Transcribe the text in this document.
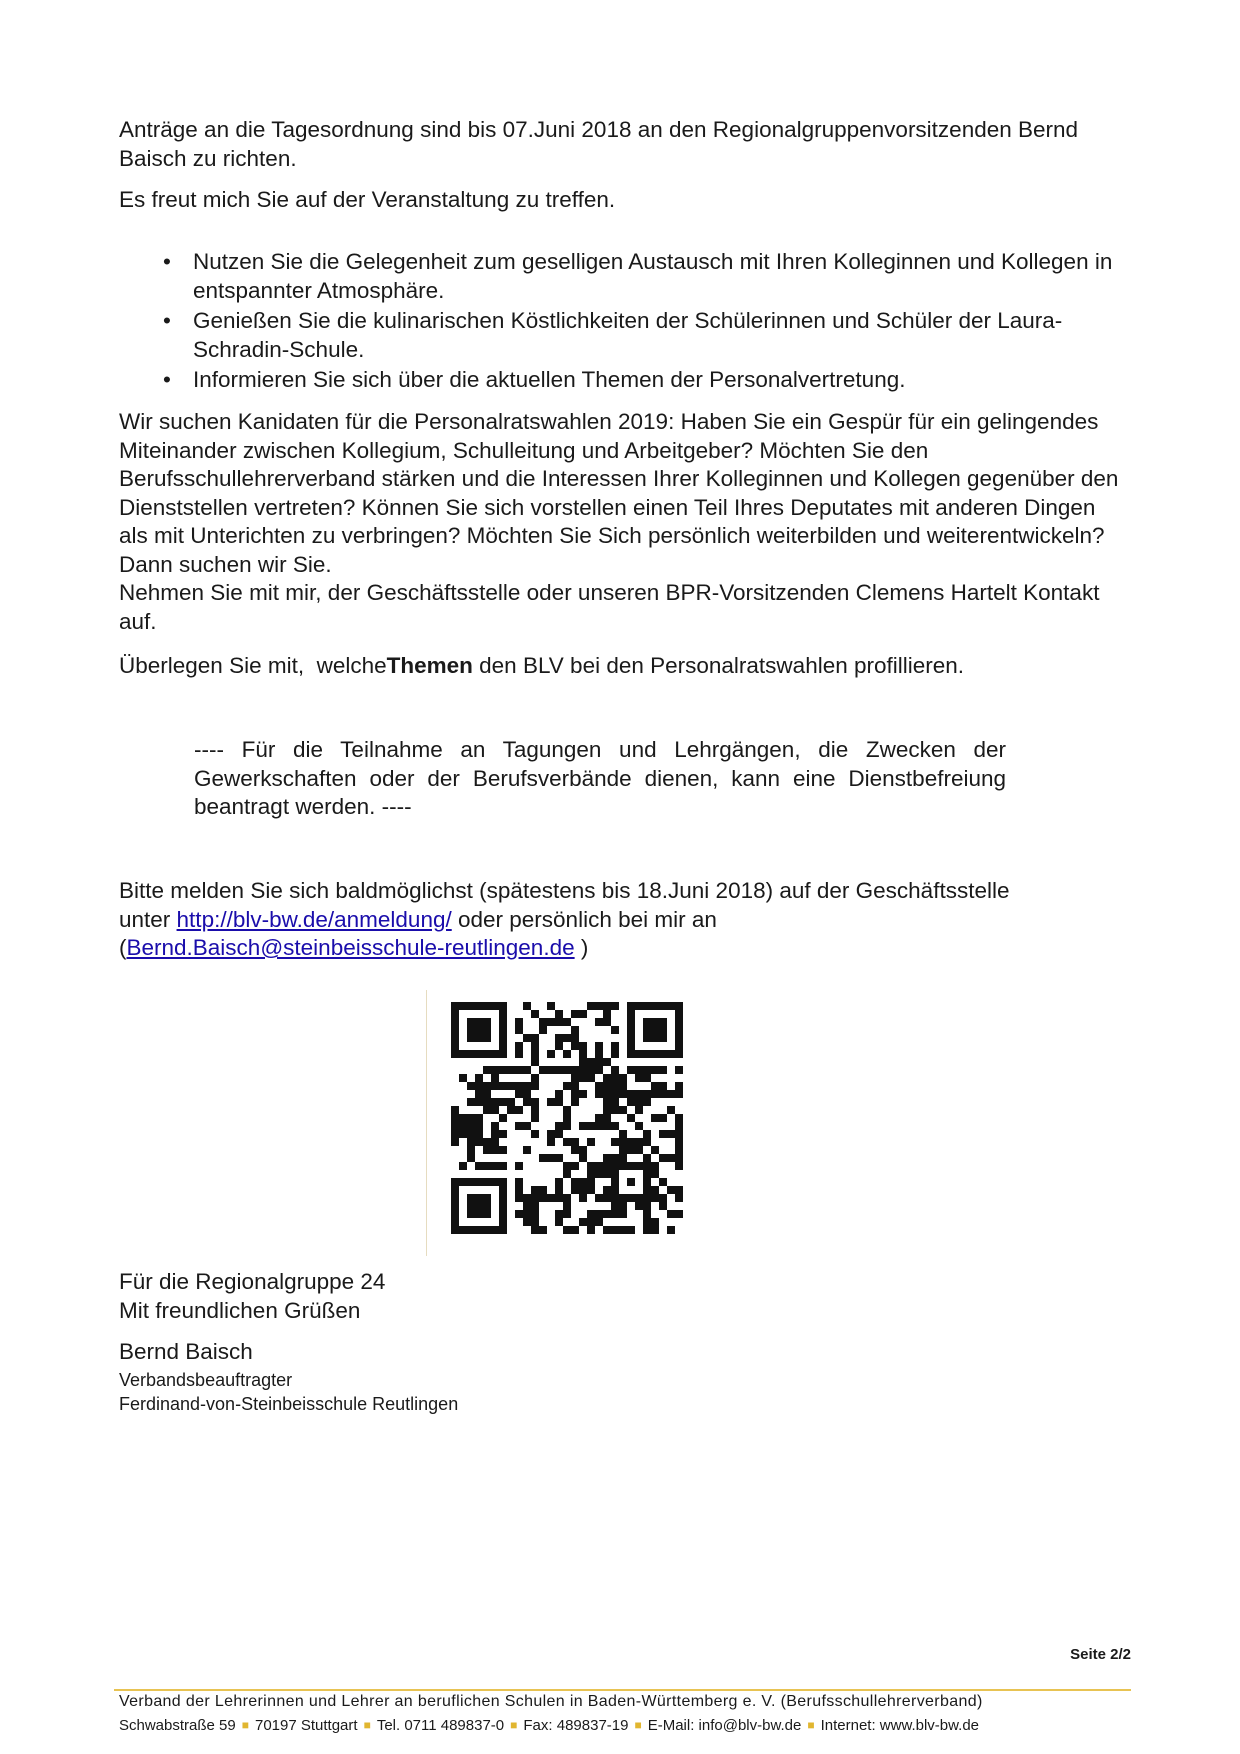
Anträge an die Tagesordnung sind bis 07.Juni 2018 an den Regionalgruppenvorsitzenden Bernd Baisch zu richten.

Es freut mich Sie auf der Veranstaltung zu treffen.

• Nutzen Sie die Gelegenheit zum geselligen Austausch mit Ihren Kolleginnen und Kollegen in entspannter Atmosphäre.
• Genießen Sie die kulinarischen Köstlichkeiten der Schülerinnen und Schüler der Laura-Schradin-Schule.
• Informieren Sie sich über die aktuellen Themen der Personalvertretung.

Wir suchen Kanidaten für die Personalratswahlen 2019: Haben Sie ein Gespür für ein gelingendes Miteinander zwischen Kollegium, Schulleitung und Arbeitgeber? Möchten Sie den Berufsschullehrerverband stärken und die Interessen Ihrer Kolleginnen und Kollegen gegenüber den Dienststellen vertreten? Können Sie sich vorstellen einen Teil Ihres Deputates mit anderen Dingen als mit Unterichten zu verbringen? Möchten Sie Sich persönlich weiterbilden und weiterentwickeln? Dann suchen wir Sie.
Nehmen Sie mit mir, der Geschäftsstelle oder unseren BPR-Vorsitzenden Clemens Hartelt Kontakt auf.

Überlegen Sie mit,  welcheThemen den BLV bei den Personalratswahlen profillieren.

---- Für die Teilnahme an Tagungen und Lehrgängen, die Zwecken der Gewerkschaften oder der Berufsverbände dienen, kann eine Dienstbefreiung beantragt werden. ----

Bitte melden Sie sich baldmöglichst (spätestens bis 18.Juni 2018) auf der Geschäftsstelle
unter http://blv-bw.de/anmeldung/ oder persönlich bei mir an
(Bernd.Baisch@steinbeisschule-reutlingen.de )

Für die Regionalgruppe 24

Mit freundlichen Grüßen

Bernd Baisch

Verbandsbeauftragter

Ferdinand-von-Steinbeisschule Reutlingen

Seite 2/2
Verband der Lehrerinnen und Lehrer an beruflichen Schulen in Baden-Württemberg e. V. (Berufsschullehrerverband)
Schwabstraße 59 ■ 70197 Stuttgart ■ Tel. 0711 489837-0 ■ Fax: 489837-19 ■ E-Mail: info@blv-bw.de ■ Internet: www.blv-bw.de
